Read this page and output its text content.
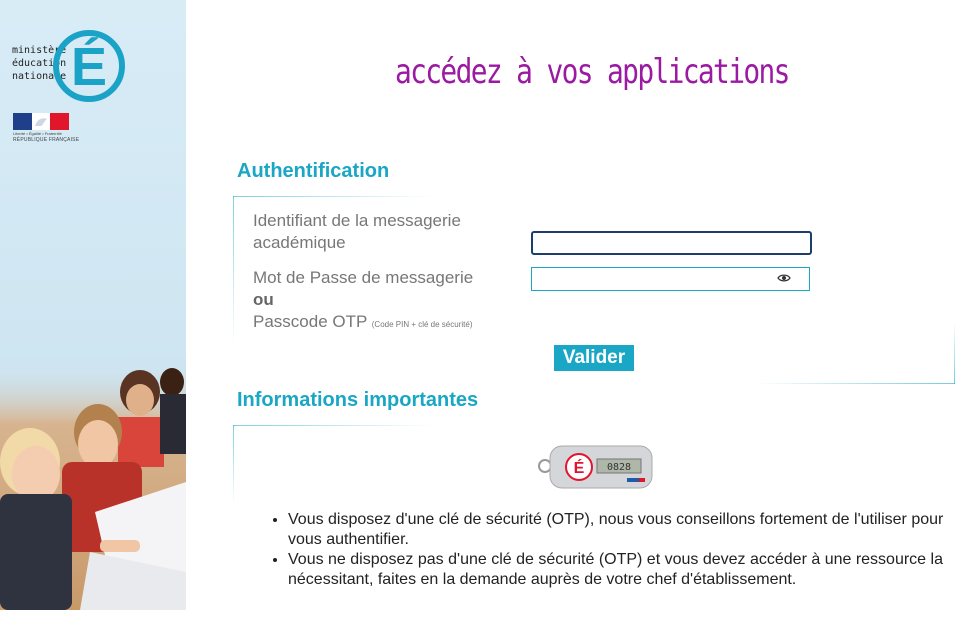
ministère
éducation
nationale É
Liberté • Égalité • Fraternité
RÉPUBLIQUE FRANÇAISE
accédez à vos applications
Authentification
Identifiant de la messagerie académique
Mot de Passe de messagerie
ou
Passcode OTP (Code PIN + clé de sécurité)
Valider
Informations importantes
É 0828
• Vous disposez d'une clé de sécurité (OTP), nous vous conseillons fortement de l'utiliser pour vous authentifier.
• Vous ne disposez pas d'une clé de sécurité (OTP) et vous devez accéder à une ressource la nécessitant, faites en la demande auprès de votre chef d'établissement.
